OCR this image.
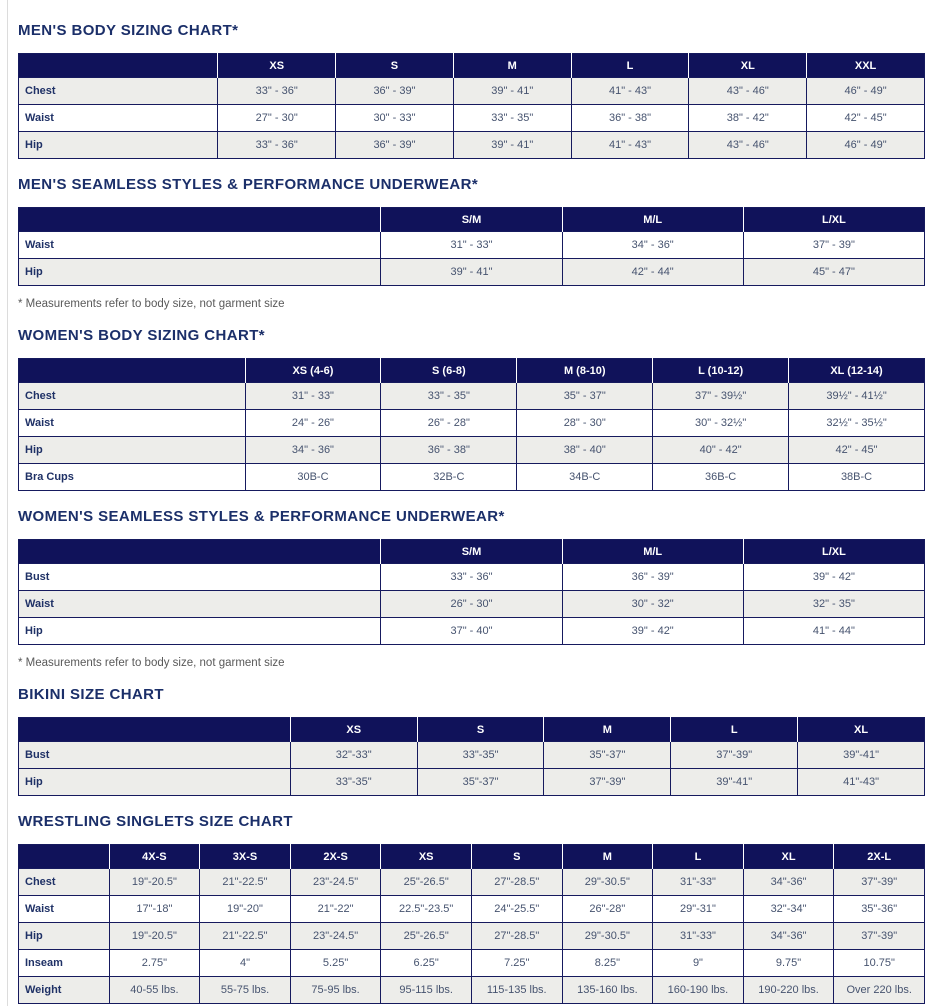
MEN'S BODY SIZING CHART*
	XS	S	M	L	XL	XXL
Chest	33" - 36"	36" - 39"	39" - 41"	41" - 43"	43" - 46"	46" - 49"
Waist	27" - 30"	30" - 33"	33" - 35"	36" - 38"	38" - 42"	42" - 45"
Hip	33" - 36"	36" - 39"	39" - 41"	41" - 43"	43" - 46"	46" - 49"
MEN'S SEAMLESS STYLES & PERFORMANCE UNDERWEAR*
	S/M	M/L	L/XL
Waist	31" - 33"	34" - 36"	37" - 39"
Hip	39" - 41"	42" - 44"	45" - 47"

* Measurements refer to body size, not garment size

WOMEN'S BODY SIZING CHART*
	XS (4-6)	S (6-8)	M (8-10)	L (10-12)	XL (12-14)
Chest	31" - 33"	33" - 35"	35" - 37"	37" - 39½"	39½" - 41½"
Waist	24" - 26"	26" - 28"	28" - 30"	30" - 32½"	32½" - 35½"
Hip	34" - 36"	36" - 38"	38" - 40"	40" - 42"	42" - 45"
Bra Cups	30B-C	32B-C	34B-C	36B-C	38B-C
WOMEN'S SEAMLESS STYLES & PERFORMANCE UNDERWEAR*
	S/M	M/L	L/XL
Bust	33" - 36"	36" - 39"	39" - 42"
Waist	26" - 30"	30" - 32"	32" - 35"
Hip	37" - 40"	39" - 42"	41" - 44"

* Measurements refer to body size, not garment size

BIKINI SIZE CHART
	XS	S	M	L	XL
Bust	32"-33"	33"-35"	35"-37"	37"-39"	39"-41"
Hip	33"-35"	35"-37"	37"-39"	39"-41"	41"-43"
WRESTLING SINGLETS SIZE CHART
	4X-S	3X-S	2X-S	XS	S	M	L	XL	2X-L
Chest	19"-20.5"	21"-22.5"	23"-24.5"	25"-26.5"	27"-28.5"	29"-30.5"	31"-33"	34"-36"	37"-39"
Waist	17"-18"	19"-20"	21"-22"	22.5"-23.5"	24"-25.5"	26"-28"	29"-31"	32"-34"	35"-36"
Hip	19"-20.5"	21"-22.5"	23"-24.5"	25"-26.5"	27"-28.5"	29"-30.5"	31"-33"	34"-36"	37"-39"
Inseam	2.75"	4"	5.25"	6.25"	7.25"	8.25"	9"	9.75"	10.75"
Weight	40-55 lbs.	55-75 lbs.	75-95 lbs.	95-115 lbs.	115-135 lbs.	135-160 lbs.	160-190 lbs.	190-220 lbs.	Over 220 lbs.
